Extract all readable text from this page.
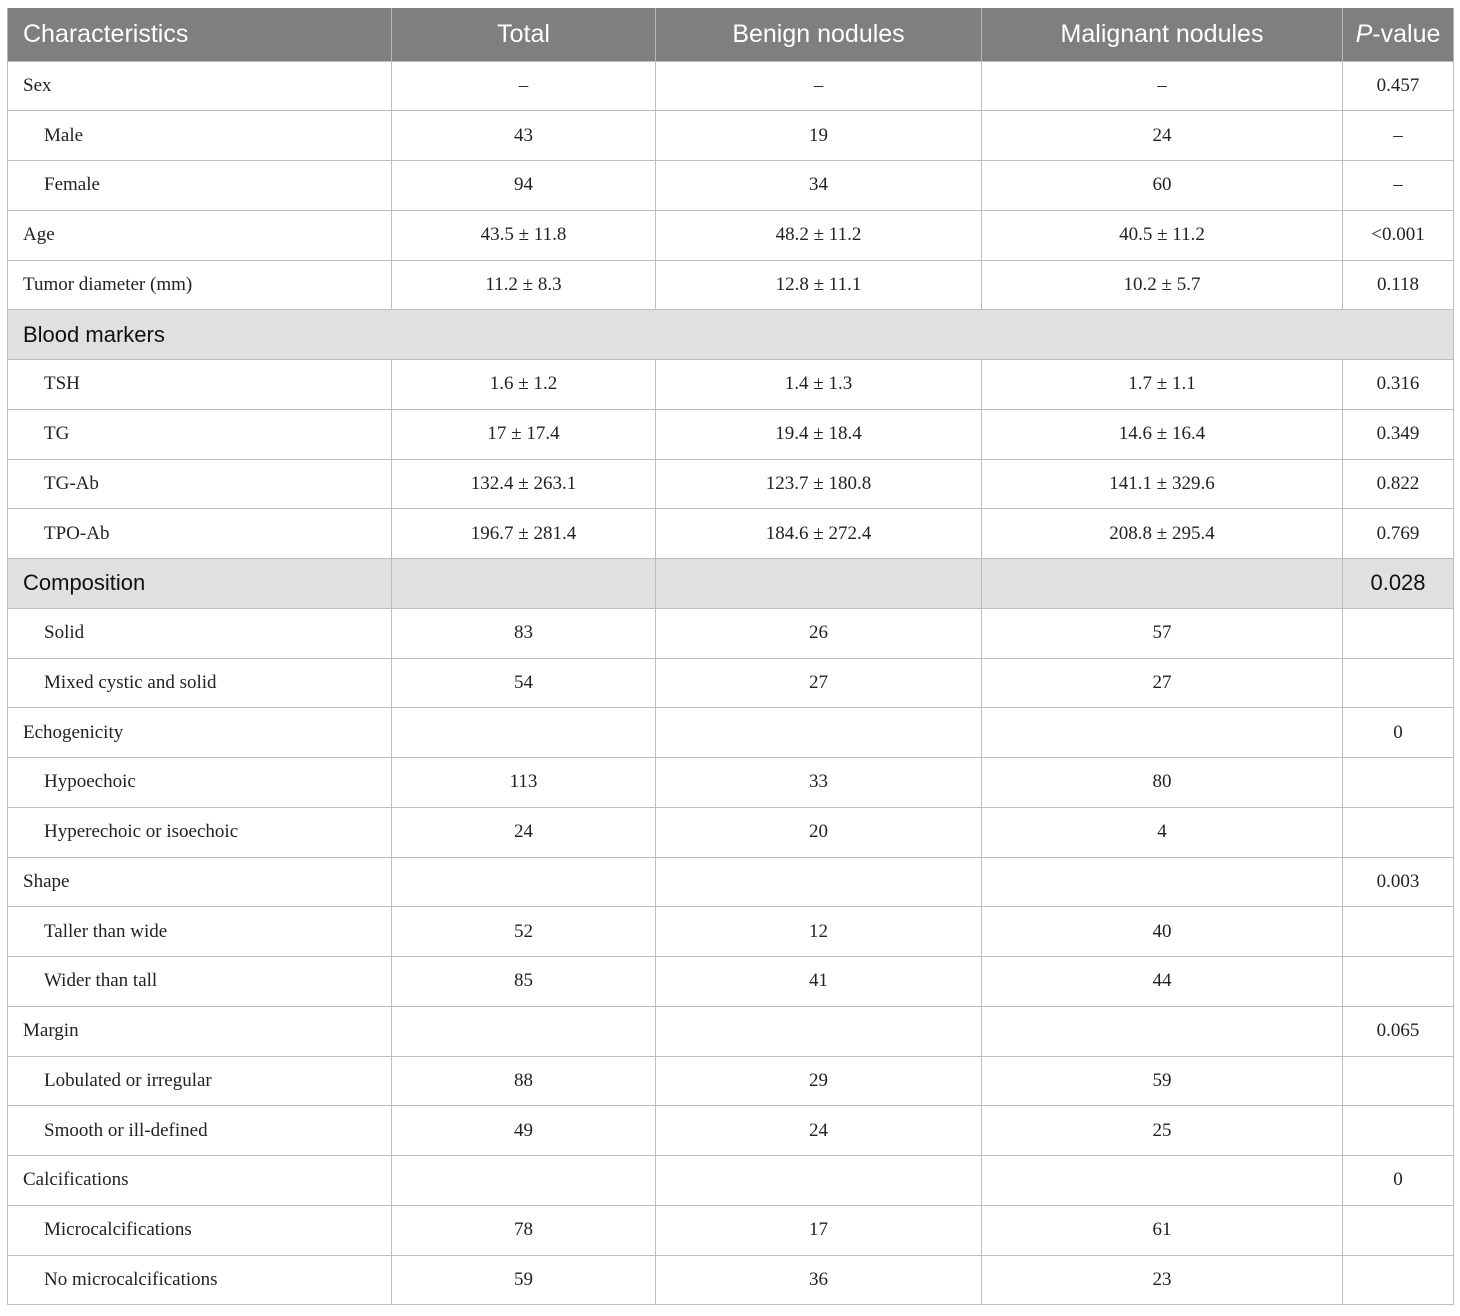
Characteristics	Total	Benign nodules	Malignant nodules	P-value
Sex	–	–	–	0.457
Male	43	19	24	–
Female	94	34	60	–
Age	43.5 ± 11.8	48.2 ± 11.2	40.5 ± 11.2	<0.001
Tumor diameter (mm)	11.2 ± 8.3	12.8 ± 11.1	10.2 ± 5.7	0.118
Blood markers				
TSH	1.6 ± 1.2	1.4 ± 1.3	1.7 ± 1.1	0.316
TG	17 ± 17.4	19.4 ± 18.4	14.6 ± 16.4	0.349
TG-Ab	132.4 ± 263.1	123.7 ± 180.8	141.1 ± 329.6	0.822
TPO-Ab	196.7 ± 281.4	184.6 ± 272.4	208.8 ± 295.4	0.769
Composition				0.028
Solid	83	26	57	
Mixed cystic and solid	54	27	27	
Echogenicity				0
Hypoechoic	113	33	80	
Hyperechoic or isoechoic	24	20	4	
Shape				0.003
Taller than wide	52	12	40	
Wider than tall	85	41	44	
Margin				0.065
Lobulated or irregular	88	29	59	
Smooth or ill-defined	49	24	25	
Calcifications				0
Microcalcifications	78	17	61	
No microcalcifications	59	36	23	
